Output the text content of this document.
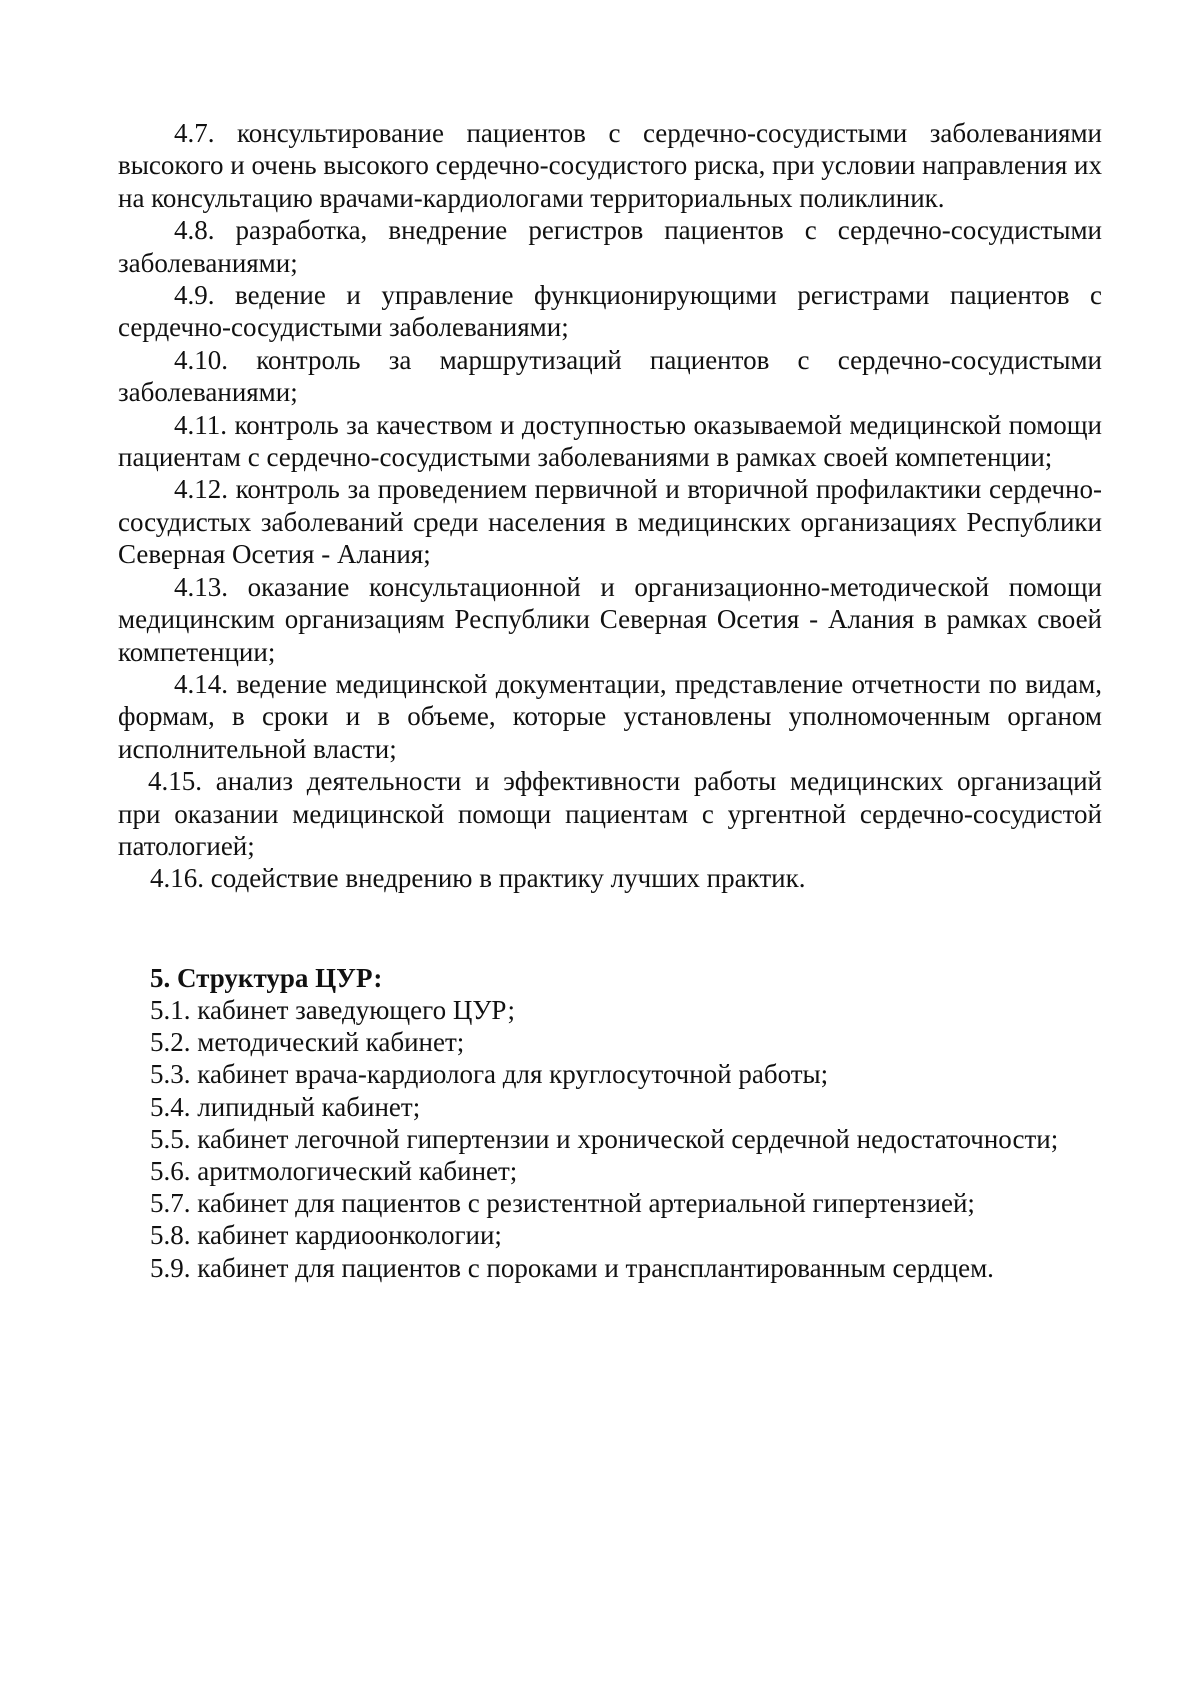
4.7. консультирование пациентов с сердечно-сосудистыми заболеваниями высокого и очень высокого сердечно-сосудистого риска, при условии направления их на консультацию врачами-кардиологами территориальных поликлиник.

4.8. разработка, внедрение регистров пациентов с сердечно-сосудистыми заболеваниями;

4.9. ведение и управление функционирующими регистрами пациентов с сердечно-сосудистыми заболеваниями;

4.10. контроль за маршрутизаций пациентов с сердечно-сосудистыми заболеваниями;

4.11. контроль за качеством и доступностью оказываемой медицинской помощи пациентам с сердечно-сосудистыми заболеваниями в рамках своей компетенции;

4.12. контроль за проведением первичной и вторичной профилактики сердечно-сосудистых заболеваний среди населения в медицинских организациях Республики Северная Осетия - Алания;

4.13. оказание консультационной и организационно-методической помощи медицинским организациям Республики Северная Осетия - Алания в рамках своей компетенции;

4.14. ведение медицинской документации, представление отчетности по видам, формам, в сроки и в объеме, которые установлены уполномоченным органом исполнительной власти;

4.15. анализ деятельности и эффективности работы медицинских организаций при оказании медицинской помощи пациентам с ургентной сердечно-сосудистой патологией;

4.16. содействие внедрению в практику лучших практик.

5. Структура ЦУР:

5.1. кабинет заведующего ЦУР;
5.2. методический кабинет;
5.3. кабинет врача-кардиолога для круглосуточной работы;
5.4. липидный кабинет;
5.5. кабинет легочной гипертензии и хронической сердечной недостаточности;
5.6. аритмологический кабинет;
5.7. кабинет для пациентов с резистентной артериальной гипертензией;
5.8. кабинет кардиоонкологии;
5.9. кабинет для пациентов с пороками и трансплантированным сердцем.
